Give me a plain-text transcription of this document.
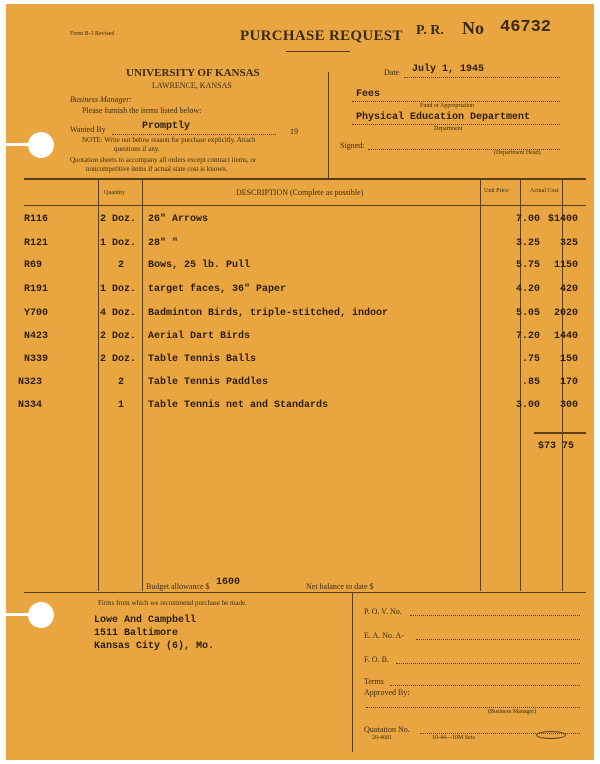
Form B-1 Revised	PURCHASE REQUEST P. R. No 46732
UNIVERSITY OF KANSAS
LAWRENCE, KANSAS
Business Manager:
Please furnish the items listed below:
Wanted By	Promptly	19
NOTE: Write out below reason for purchase explicitly. Attach
questions if any.
Quotation sheets to accompany all orders except contract items, or
noncompetitive items if actual state cost is known.
Date July 1, 1945
Fees
Fund or Appropriation
Physical Education Department
Department
Signed:
(Department Head)
Quantity	DESCRIPTION (Complete as possible)	Unit Price	Actual Cost
R116	2 Doz.	26" Arrows	7.00 $1400
R121	1 Doz.	28" "	3.25	325
R69	2	Bows, 25 lb. Pull	5.75	1150
R191	1 Doz.	target faces, 36" Paper	4.20	420
Y700	4 Doz.	Badminton Birds, triple-stitched, indoor	5.05	2020
N423	2 Doz.	Aerial Dart Birds	7.20	1440
N339	2 Doz.	Table Tennis Balls	.75	150
N323	2	Table Tennis Paddles	.85	170
N334	1	Table Tennis net and Standards	3.00	300
$73 75
Budget allowance $ 1600	Net balance to date $
Firms from which we recommend purchase be made.
Lowe And Campbell
1511 Baltimore
Kansas City (6), Mo.
P. O. V. No.
E. A. No. A-
F. O. B.
Terms
Approved By:
(Business Manager)
Quotation No.
20-4681	10-44—10M Sets
